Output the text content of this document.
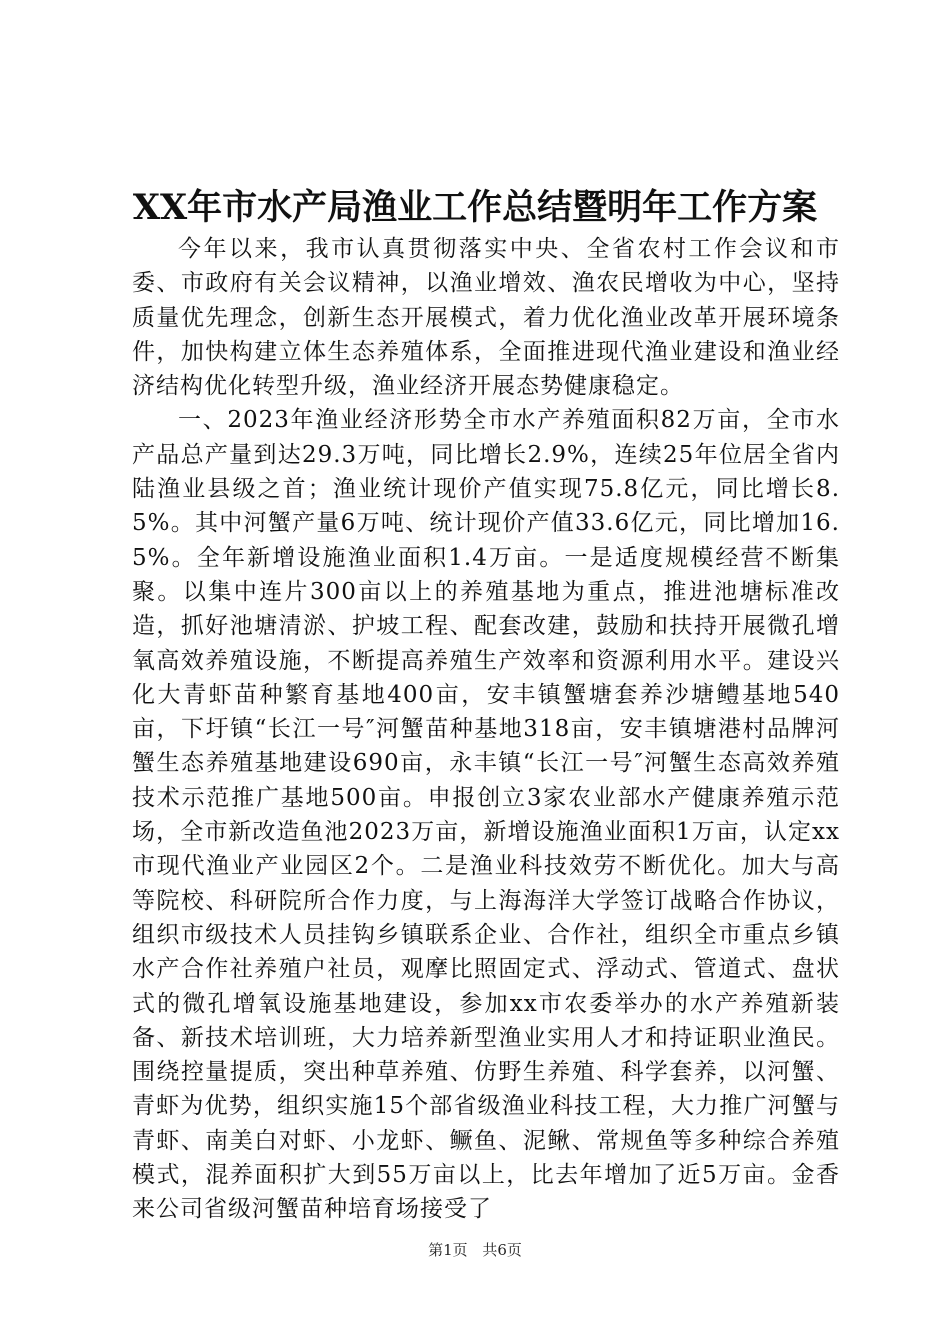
XX年市水产局渔业工作总结暨明年工作方案

今年以来，我市认真贯彻落实中央、全省农村工作会议和市委、市政府有关会议精神，以渔业增效、渔农民增收为中心，坚持质量优先理念，创新生态开展模式，着力优化渔业改革开展环境条件，加快构建立体生态养殖体系，全面推进现代渔业建设和渔业经济结构优化转型升级，渔业经济开展态势健康稳定。

一、2023年渔业经济形势全市水产养殖面积82万亩，全市水产品总产量到达29.3万吨，同比增长2.9%，连续25年位居全省内陆渔业县级之首；渔业统计现价产值实现75.8亿元，同比增长8.5%。其中河蟹产量6万吨、统计现价产值33.6亿元，同比增加16.5%。全年新增设施渔业面积1.4万亩。一是适度规模经营不断集聚。以集中连片300亩以上的养殖基地为重点，推进池塘标准改造，抓好池塘清淤、护坡工程、配套改建，鼓励和扶持开展微孔增氧高效养殖设施，不断提高养殖生产效率和资源利用水平。建设兴化大青虾苗种繁育基地400亩，安丰镇蟹塘套养沙塘鳢基地540亩，下圩镇“长江一号″河蟹苗种基地318亩，安丰镇塘港村品牌河蟹生态养殖基地建设690亩，永丰镇“长江一号″河蟹生态高效养殖技术示范推广基地500亩。申报创立3家农业部水产健康养殖示范场，全市新改造鱼池2023万亩，新增设施渔业面积1万亩，认定xx市现代渔业产业园区2个。二是渔业科技效劳不断优化。加大与高等院校、科研院所合作力度，与上海海洋大学签订战略合作协议，组织市级技术人员挂钩乡镇联系企业、合作社，组织全市重点乡镇水产合作社养殖户社员，观摩比照固定式、浮动式、管道式、盘状式的微孔增氧设施基地建设，参加xx市农委举办的水产养殖新装备、新技术培训班，大力培养新型渔业实用人才和持证职业渔民。围绕控量提质，突出种草养殖、仿野生养殖、科学套养，以河蟹、青虾为优势，组织实施15个部省级渔业科技工程，大力推广河蟹与青虾、南美白对虾、小龙虾、鳜鱼、泥鳅、常规鱼等多种综合养殖模式，混养面积扩大到55万亩以上，比去年增加了近5万亩。金香来公司省级河蟹苗种培育场接受了

第1页 共6页
